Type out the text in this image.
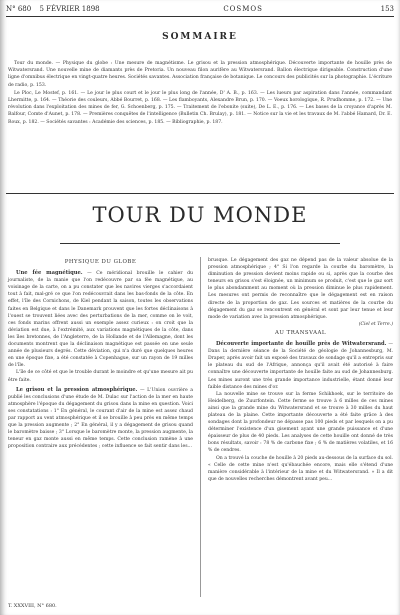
N° 680 5 FÉVRIER 1898	COSMOS	153
SOMMAIRE

Tour du monde. — Physique du globe : Une mesure de magnétisme. Le grisou et la pression atmosphérique. Découverte importante de houille près de Witwatersrand. Une nouvelle mine de diamants près de Pretoria. Un nouveau filon aurifère au Witwatersrand. Ballon électrique dirigeable. Construction d'une ligne d'omnibus électrique en vingt-quatre heures. Sociétés savantes. Association française de botanique. Le concours des publicités sur la photographie. L'écriture de radio, p. 153.

Le Ploc, Le Mostef, p. 161. — Le jour le plus court et le jour le plus long de l'année, D' A. B., p. 163. — Les lueurs par aspiration dans l'année, commandant Lhermitte, p. 164. — Théorie des couleurs, Abbé Bourret, p. 168. — Les flamboyants, Alexandre Brun, p. 170. — Voeux horologique, R. Prudhomme, p. 172. — Une révolution dans l'exploitation des mines de fer, G. Schoenberg, p. 175. — Traitement de l'ebonite (suite), De L. E., p. 176. — Les bases de la croyance d'après M. Balfour, Comte d'Aunet, p. 178. — Premières conquêtes de l'intelligence (Bulletin Ch. Brulay), p. 181. — Notice sur la vie et les travaux de M. l'abbé Hamard, Dr. E. Roux, p. 182. — Sociétés savantes : Académie des sciences, p. 185. — Bibliographie, p. 187.

TOUR DU MONDE
PHYSIQUE DU GLOBE

Une fée magnétique. — Ce méridional brouille le cahier du journaliste, de la manie que l'on redécouvre par sa fée magnétique, au voisinage de la carte, on a pu constater que les navires vierges s'accordaient tout à fait, mal-gré ce que l'on redécouvrait dans les bas-fonds de la côte. En effet, l'île des Cornichons, de Kiel pendant la saison, toutes les observations faites en Belgique et dans le Danemark prouvent que les fortes déclinaisons à l'ouest se trouvent liées avec des perturbations de la mer, comme on le voit, ces fonds marins offrent aussi un exemple assez curieux : on croit que la déviation est due, à l'extrémité, aux variations magnétiques de la côte, dans les îles bretonnes, de l'Angleterre, de la Hollande et de l'Allemagne, dont les documents montrent que la déclinaison magnétique est passée en une seule année de plusieurs degrés. Cette déviation, qui n'a duré que quelques heures en une époque fixe, a été constatée à Copenhague, sur un rayon de 19 milles de l'île.

L'île de ce côté et que le trouble durant le moindre et qu'une mesure ait pu être faite.

Le grisou et la pression atmosphérique. — L'Union ouvrière a publié les conclusions d'une étude de M. Dulac sur l'action de la mer en haute atmosphère l'époque du dégagement du grisou dans la mine en question. Voici ses constatations : 1° En général, le courant d'air de la mine est assez chaud par rapport au vent atmosphérique et il se brouille à peu près en même temps que la pression augmente ; 2° En général, il y a dégagement de grisou quand le baromètre baisse ; 3° Lorsque le baromètre monte, la pression augmente, la teneur en gaz monte aussi en même temps. Cette conclusion ramène à une proposition contraire aux précédentes ; cette influence se fait sentir dans les...

brusque. Le dégagement des gaz ne dépend pas de la valeur absolue de la pression atmosphérique ; 4° Si l'on regarde la courbe du baromètre, la diminution de pression devient moins rapide ou si, après que la courbe des teneurs en grisou s'est éloignée, un minimum se produit, c'est que le gaz sort le plus abondamment au moment où la pression diminue le plus rapidement. Les mesures ont permis de reconnaître que le dégagement est en raison directe de la proportion de gaz. Les sources et matières de la courbe du dégagement du gaz se rencontrent en général et sont par leur tenue et leur mode de variation avec la pression atmosphérique.

(Ciel et Terre.)
AU TRANSVAAL

Découverte importante de houille près de Witwatersrand. — Dans la dernière séance de la Société de géologie de Johannesburg, M. Draper, après avoir fait un exposé des travaux de sondage qu'il a entrepris sur le plateau du sud de l'Afrique, annonça qu'il avait été autorisé à faire connaître une découverte importante de houille faite au sud de Johannesburg. Les mines auront une très grande importance industrielle, étant donné leur faible distance des mines d'or.

La nouvelle mine se trouve sur la ferme Schikhoek, sur le territoire de Heidelberg, de Zuurfontein. Cette ferme se trouve à 6 milles de ces mines ainsi que la grande mine du Witwatersrand et se trouve à 30 milles du haut plateau de la plaine. Cette importante découverte a été faite grâce à des sondages dont la profondeur ne dépasse pas 100 pieds et par lesquels on a pu déterminer l'existence d'un gisement ayant une grande puissance et d'une épaisseur de plus de 40 pieds. Les analyses de cette houille ont donné de très bons résultats, savoir : 78 % de carbone fixe ; 6 % de matières volatiles, et 16 % de cendres.

On a trouvé la couche de houille à 20 pieds au-dessous de la surface du sol. « Celle de cette mine n'est qu'ébauchée encore, mais elle s'étend d'une manière considérable à l'intérieur de la mine et du Witwatersrand. » Il a dit que de nouvelles recherches démontrent avant peu...

T. XXXVIII, N° 680.
